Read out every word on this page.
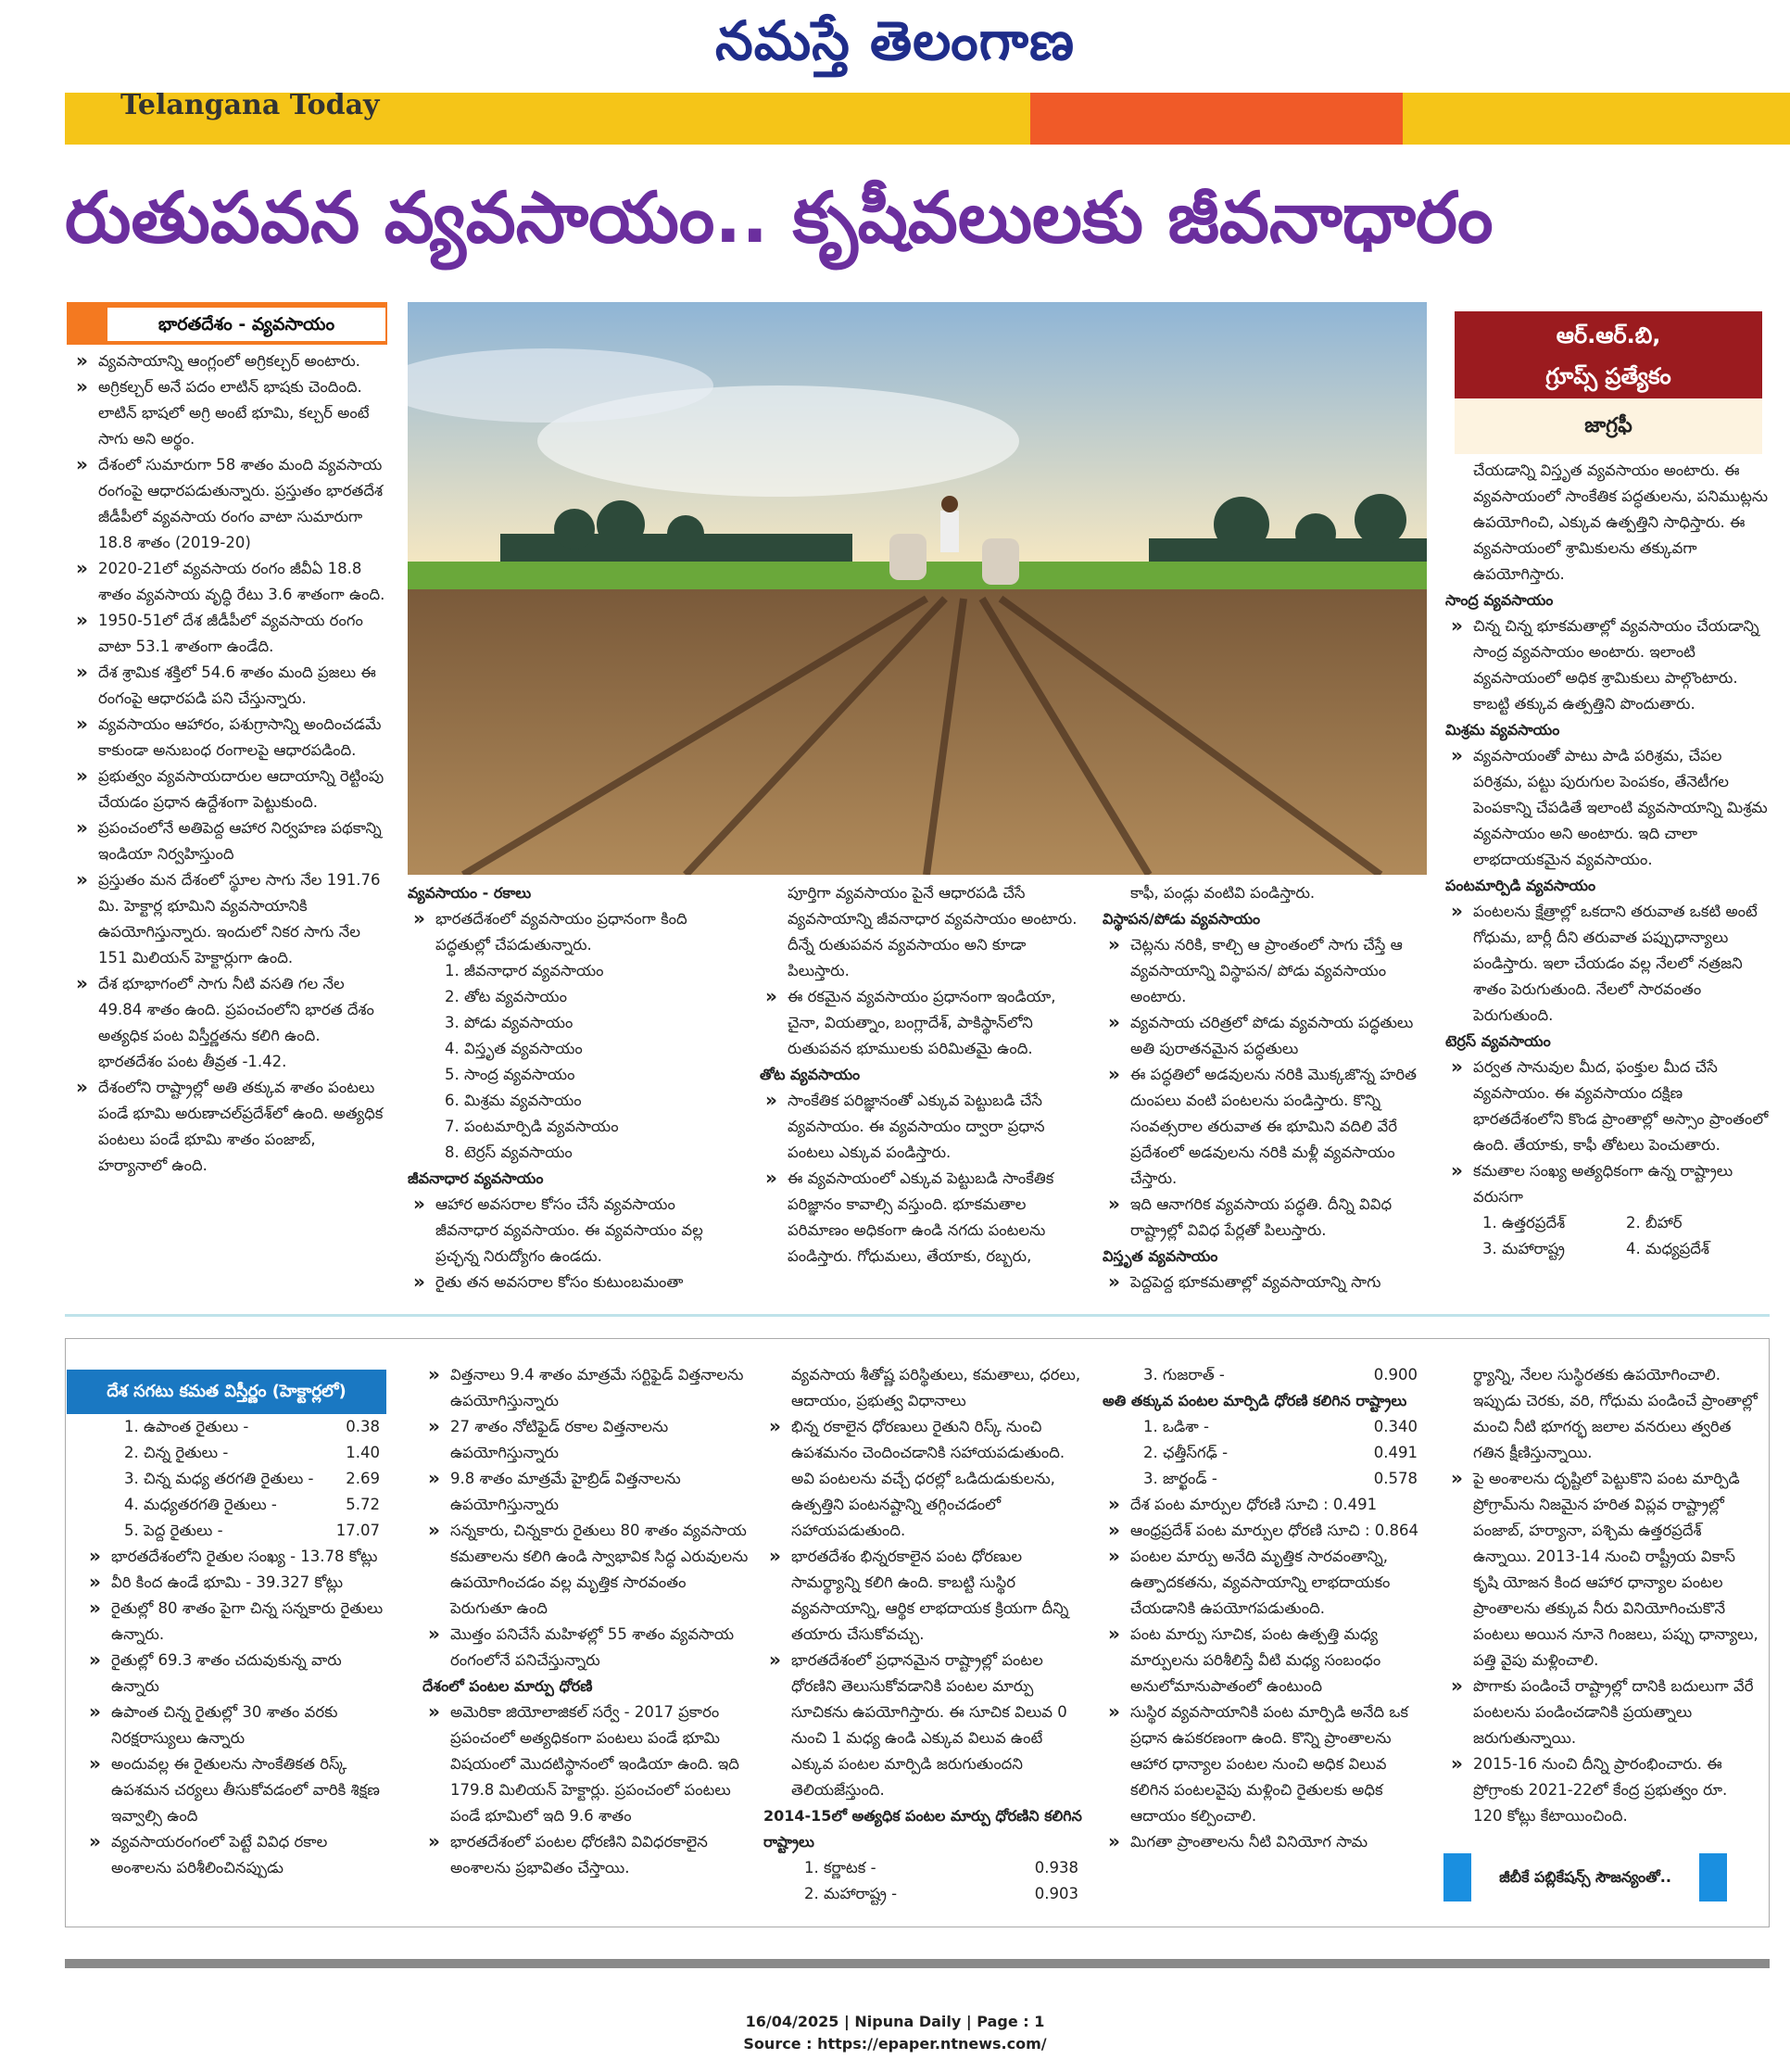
నమస్తే తెలంగాణ
Telangana Today
రుతుపవన వ్యవసాయం.. కృషీవలులకు జీవనాధారం
భారతదేశం - వ్యవసాయం
» వ్యవసాయాన్ని ఆంగ్లంలో అగ్రికల్చర్ అంటారు.
» అగ్రికల్చర్ అనే పదం లాటిన్ భాషకు చెందింది. లాటిన్ భాషలో అగ్రి అంటే భూమి, కల్చర్ అంటే సాగు అని అర్థం.
» దేశంలో సుమారుగా 58 శాతం మంది వ్యవసాయ రంగంపై ఆధారపడుతున్నారు. ప్రస్తుతం భారతదేశ జీడీపీలో వ్యవసాయ రంగం వాటా సుమారుగా 18.8 శాతం (2019-20)
» 2020-21లో వ్యవసాయ రంగం జీవీఏ 18.8 శాతం వ్యవసాయ వృద్ధి రేటు 3.6 శాతంగా ఉంది.
» 1950-51లో దేశ జీడీపీలో వ్యవసాయ రంగం వాటా 53.1 శాతంగా ఉండేది.
» దేశ శ్రామిక శక్తిలో 54.6 శాతం మంది ప్రజలు ఈ రంగంపై ఆధారపడి పని చేస్తున్నారు.
» వ్యవసాయం ఆహారం, పశుగ్రాసాన్ని అందించడమే కాకుండా అనుబంధ రంగాలపై ఆధారపడింది.
» ప్రభుత్వం వ్యవసాయదారుల ఆదాయాన్ని రెట్టింపు చేయడం ప్రధాన ఉద్దేశంగా పెట్టుకుంది.
» ప్రపంచంలోనే అతిపెద్ద ఆహార నిర్వహణ పథకాన్ని ఇండియా నిర్వహిస్తుంది
» ప్రస్తుతం మన దేశంలో స్థూల సాగు నేల 191.76 మి. హెక్టార్ల భూమిని వ్యవసాయానికి ఉపయోగిస్తున్నారు. ఇందులో నికర సాగు నేల 151 మిలియన్ హెక్టార్లుగా ఉంది.
» దేశ భూభాగంలో సాగు నీటి వసతి గల నేల 49.84 శాతం ఉంది. ప్రపంచంలోని భారత దేశం అత్యధిక పంట విస్తీర్ణతను కలిగి ఉంది. భారతదేశం పంట తీవ్రత -1.42.
» దేశంలోని రాష్ట్రాల్లో అతి తక్కువ శాతం పంటలు పండే భూమి అరుణాచల్‌ప్రదేశ్‌లో ఉంది. అత్యధిక పంటలు పండే భూమి శాతం పంజాబ్, హర్యానాలో ఉంది.
వ్యవసాయం - రకాలు
» భారతదేశంలో వ్యవసాయం ప్రధానంగా కింది పద్ధతుల్లో చేపడుతున్నారు.
1. జీవనాధార వ్యవసాయం
2. తోట వ్యవసాయం
3. పోడు వ్యవసాయం
4. విస్తృత వ్యవసాయం
5. సాంద్ర వ్యవసాయం
6. మిశ్రమ వ్యవసాయం
7. పంటమార్పిడి వ్యవసాయం
8. టెర్రస్ వ్యవసాయం
జీవనాధార వ్యవసాయం
» ఆహార అవసరాల కోసం చేసే వ్యవసాయం జీవనాధార వ్యవసాయం. ఈ వ్యవసాయం వల్ల ప్రచ్ఛన్న నిరుద్యోగం ఉండదు.
» రైతు తన అవసరాల కోసం కుటుంబమంతా
పూర్తిగా వ్యవసాయం పైనే ఆధారపడి చేసే వ్యవసాయాన్ని జీవనాధార వ్యవసాయం అంటారు. దీన్నే రుతుపవన వ్యవసాయం అని కూడా పిలుస్తారు.
» ఈ రకమైన వ్యవసాయం ప్రధానంగా ఇండియా, చైనా, వియత్నాం, బంగ్లాదేశ్, పాకిస్థాన్‌లోని రుతుపవన భూములకు పరిమితమై ఉంది.
తోట వ్యవసాయం
» సాంకేతిక పరిజ్ఞానంతో ఎక్కువ పెట్టుబడి చేసే వ్యవసాయం. ఈ వ్యవసాయం ద్వారా ప్రధాన పంటలు ఎక్కువ పండిస్తారు.
» ఈ వ్యవసాయంలో ఎక్కువ పెట్టుబడి సాంకేతిక పరిజ్ఞానం కావాల్సి వస్తుంది. భూకమతాల పరిమాణం అధికంగా ఉండి నగదు పంటలను పండిస్తారు. గోధుమలు, తేయాకు, రబ్బరు,
కాఫీ, పండ్లు వంటివి పండిస్తారు.
విస్థాపన/పోడు వ్యవసాయం
» చెట్లను నరికి, కాల్చి ఆ ప్రాంతంలో సాగు చేస్తే ఆ వ్యవసాయాన్ని విస్థాపన/ పోడు వ్యవసాయం అంటారు.
» వ్యవసాయ చరిత్రలో పోడు వ్యవసాయ పద్ధతులు అతి పురాతనమైన పద్ధతులు
» ఈ పద్ధతిలో అడవులను నరికి మొక్కజొన్న హరిత దుంపలు వంటి పంటలను పండిస్తారు. కొన్ని సంవత్సరాల తరువాత ఈ భూమిని వదిలి వేరే ప్రదేశంలో అడవులను నరికి మళ్లీ వ్యవసాయం చేస్తారు.
» ఇది ఆనాగరిక వ్యవసాయ పద్ధతి. దీన్ని వివిధ రాష్ట్రాల్లో వివిధ పేర్లతో పిలుస్తారు.
విస్తృత వ్యవసాయం
» పెద్దపెద్ద భూకమతాల్లో వ్యవసాయాన్ని సాగు
ఆర్.ఆర్.బి,
గ్రూప్స్ ప్రత్యేకం
జాగ్రఫీ
చేయడాన్ని విస్తృత వ్యవసాయం అంటారు. ఈ వ్యవసాయంలో సాంకేతిక పద్ధతులను, పనిముట్లను ఉపయోగించి, ఎక్కువ ఉత్పత్తిని సాధిస్తారు. ఈ వ్యవసాయంలో శ్రామికులను తక్కువగా ఉపయోగిస్తారు.
సాంద్ర వ్యవసాయం
» చిన్న చిన్న భూకమతాల్లో వ్యవసాయం చేయడాన్ని సాంద్ర వ్యవసాయం అంటారు. ఇలాంటి వ్యవసాయంలో అధిక శ్రామికులు పాల్గొంటారు. కాబట్టి తక్కువ ఉత్పత్తిని పొందుతారు.
మిశ్రమ వ్యవసాయం
» వ్యవసాయంతో పాటు పాడి పరిశ్రమ, చేపల పరిశ్రమ, పట్టు పురుగుల పెంపకం, తేనెటీగల పెంపకాన్ని చేపడితే ఇలాంటి వ్యవసాయాన్ని మిశ్రమ వ్యవసాయం అని అంటారు. ఇది చాలా లాభదాయకమైన వ్యవసాయం.
పంటమార్పిడి వ్యవసాయం
» పంటలను క్షేత్రాల్లో ఒకదాని తరువాత ఒకటి అంటే గోధుమ, బార్లీ దీని తరువాత పప్పుధాన్యాలు పండిస్తారు. ఇలా చేయడం వల్ల నేలలో నత్రజని శాతం పెరుగుతుంది. నేలలో సారవంతం పెరుగుతుంది.
టెర్రస్ వ్యవసాయం
» పర్వత సానువుల మీద, ఫంక్తుల మీద చేసే వ్యవసాయం. ఈ వ్యవసాయం దక్షిణ భారతదేశంలోని కొండ ప్రాంతాల్లో అస్సాం ప్రాంతంలో ఉంది. తేయాకు, కాఫీ తోటలు పెంచుతారు.
» కమతాల సంఖ్య అత్యధికంగా ఉన్న రాష్ట్రాలు వరుసగా
1. ఉత్తరప్రదేశ్	2. బీహార్
3. మహారాష్ట్ర	4. మధ్యప్రదేశ్
దేశ సగటు కమత విస్తీర్ణం (హెక్టార్లలో)
1. ఉపాంత రైతులు -	0.38
2. చిన్న రైతులు -	1.40
3. చిన్న మధ్య తరగతి రైతులు - 2.69
4. మధ్యతరగతి రైతులు -	5.72
5. పెద్ద రైతులు -	17.07
» భారతదేశంలోని రైతుల సంఖ్య - 13.78 కోట్లు
» వీరి కింద ఉండే భూమి - 39.327 కోట్లు
» రైతుల్లో 80 శాతం పైగా చిన్న సన్నకారు రైతులు ఉన్నారు.
» రైతుల్లో 69.3 శాతం చదువుకున్న వారు ఉన్నారు
» ఉపాంత చిన్న రైతుల్లో 30 శాతం వరకు నిరక్షరాస్యులు ఉన్నారు
» అందువల్ల ఈ రైతులను సాంకేతికత రిస్క్ ఉపశమన చర్యలు తీసుకోవడంలో వారికి శిక్షణ ఇవ్వాల్సి ఉంది
» వ్యవసాయరంగంలో పెట్టే వివిధ రకాల అంశాలను పరిశీలించినప్పుడు
» విత్తనాలు 9.4 శాతం మాత్రమే సర్టిఫైడ్ విత్తనాలను ఉపయోగిస్తున్నారు
» 27 శాతం నోటిఫైడ్ రకాల విత్తనాలను ఉపయోగిస్తున్నారు
» 9.8 శాతం మాత్రమే హైబ్రిడ్ విత్తనాలను ఉపయోగిస్తున్నారు
» సన్నకారు, చిన్నకారు రైతులు 80 శాతం వ్యవసాయ కమతాలను కలిగి ఉండి స్వాభావిక సిద్ధ ఎరువులను ఉపయోగించడం వల్ల మృత్తిక సారవంతం పెరుగుతూ ఉంది
» మొత్తం పనిచేసే మహిళల్లో 55 శాతం వ్యవసాయ రంగంలోనే పనిచేస్తున్నారు
దేశంలో పంటల మార్పు ధోరణి
» అమెరికా జియోలాజికల్ సర్వే - 2017 ప్రకారం ప్రపంచంలో అత్యధికంగా పంటలు పండే భూమి విషయంలో మొదటిస్థానంలో ఇండియా ఉంది. ఇది 179.8 మిలియన్ హెక్టార్లు. ప్రపంచంలో పంటలు పండే భూమిలో ఇది 9.6 శాతం
» భారతదేశంలో పంటల ధోరణిని వివిధరకాలైన అంశాలను ప్రభావితం చేస్తాయి.
వ్యవసాయ శీతోష్ణ పరిస్థితులు, కమతాలు, ధరలు, ఆదాయం, ప్రభుత్వ విధానాలు
» భిన్న రకాలైన ధోరణులు రైతుని రిస్క్ నుంచి ఉపశమనం చెందించడానికి సహాయపడుతుంది. అవి పంటలను వచ్చే ధరల్లో ఒడిదుడుకులను, ఉత్పత్తిని పంటనష్టాన్ని తగ్గించడంలో సహాయపడుతుంది.
» భారతదేశం భిన్నరకాలైన పంట ధోరణుల సామర్థ్యాన్ని కలిగి ఉంది. కాబట్టి సుస్థిర వ్యవసాయాన్ని, ఆర్థిక లాభదాయక క్రియగా దీన్ని తయారు చేసుకోవచ్చు.
» భారతదేశంలో ప్రధానమైన రాష్ట్రాల్లో పంటల ధోరణిని తెలుసుకోవడానికి పంటల మార్పు సూచికను ఉపయోగిస్తారు. ఈ సూచిక విలువ 0 నుంచి 1 మధ్య ఉండి ఎక్కువ విలువ ఉంటే ఎక్కువ పంటల మార్పిడి జరుగుతుందని తెలియజేస్తుంది.
2014-15లో అత్యధిక పంటల మార్పు ధోరణిని కలిగిన రాష్ట్రాలు
1. కర్ణాటక -	0.938
2. మహారాష్ట్ర -	0.903
3. గుజరాత్ -	0.900
అతి తక్కువ పంటల మార్పిడి ధోరణి కలిగిన రాష్ట్రాలు
1. ఒడిశా -	0.340
2. ఛత్తీస్‌గఢ్ -	0.491
3. జార్ఖండ్ -	0.578
» దేశ పంట మార్పుల ధోరణి సూచి : 0.491
» ఆంధ్రప్రదేశ్ పంట మార్పుల ధోరణి సూచి : 0.864
» పంటల మార్పు అనేది మృత్తిక సారవంతాన్ని, ఉత్పాదకతను, వ్యవసాయాన్ని లాభదాయకం చేయడానికి ఉపయోగపడుతుంది.
» పంట మార్పు సూచిక, పంట ఉత్పత్తి మధ్య మార్పులను పరిశీలిస్తే వీటి మధ్య సంబంధం అనులోమానుపాతంలో ఉంటుంది
» సుస్థిర వ్యవసాయానికి పంట మార్పిడి అనేది ఒక ప్రధాన ఉపకరణంగా ఉంది. కొన్ని ప్రాంతాలను ఆహార ధాన్యాల పంటల నుంచి అధిక విలువ కలిగిన పంటలవైపు మళ్లించి రైతులకు అధిక ఆదాయం కల్పించాలి.
» మిగతా ప్రాంతాలను నీటి వినియోగ సామ
ర్థ్యాన్ని, నేలల సుస్థిరతకు ఉపయోగించాలి. ఇప్పుడు చెరకు, వరి, గోధుమ పండించే ప్రాంతాల్లో మంచి నీటి భూగర్భ జలాల వనరులు త్వరిత గతిన క్షీణిస్తున్నాయి.
» పై అంశాలను దృష్టిలో పెట్టుకొని పంట మార్పిడి ప్రోగ్రామ్‌ను నిజమైన హరిత విప్లవ రాష్ట్రాల్లో పంజాబ్, హర్యానా, పశ్చిమ ఉత్తరప్రదేశ్ ఉన్నాయి. 2013-14 నుంచి రాష్ట్రీయ వికాస్ కృషి యోజన కింద ఆహార ధాన్యాల పంటల ప్రాంతాలను తక్కువ నీరు వినియోగించుకొనే పంటలు అయిన నూనె గింజలు, పప్పు ధాన్యాలు, పత్తి వైపు మళ్లించాలి.
» పొగాకు పండించే రాష్ట్రాల్లో దానికి బదులుగా వేరే పంటలను పండించడానికి ప్రయత్నాలు జరుగుతున్నాయి.
» 2015-16 నుంచి దీన్ని ప్రారంభించారు. ఈ ప్రోగ్రాంకు 2021-22లో కేంద్ర ప్రభుత్వం రూ. 120 కోట్లు కేటాయించింది.
జీబీకే పబ్లికేషన్స్ సౌజన్యంతో..
16/04/2025 | Nipuna Daily | Page : 1
Source : https://epaper.ntnews.com/
